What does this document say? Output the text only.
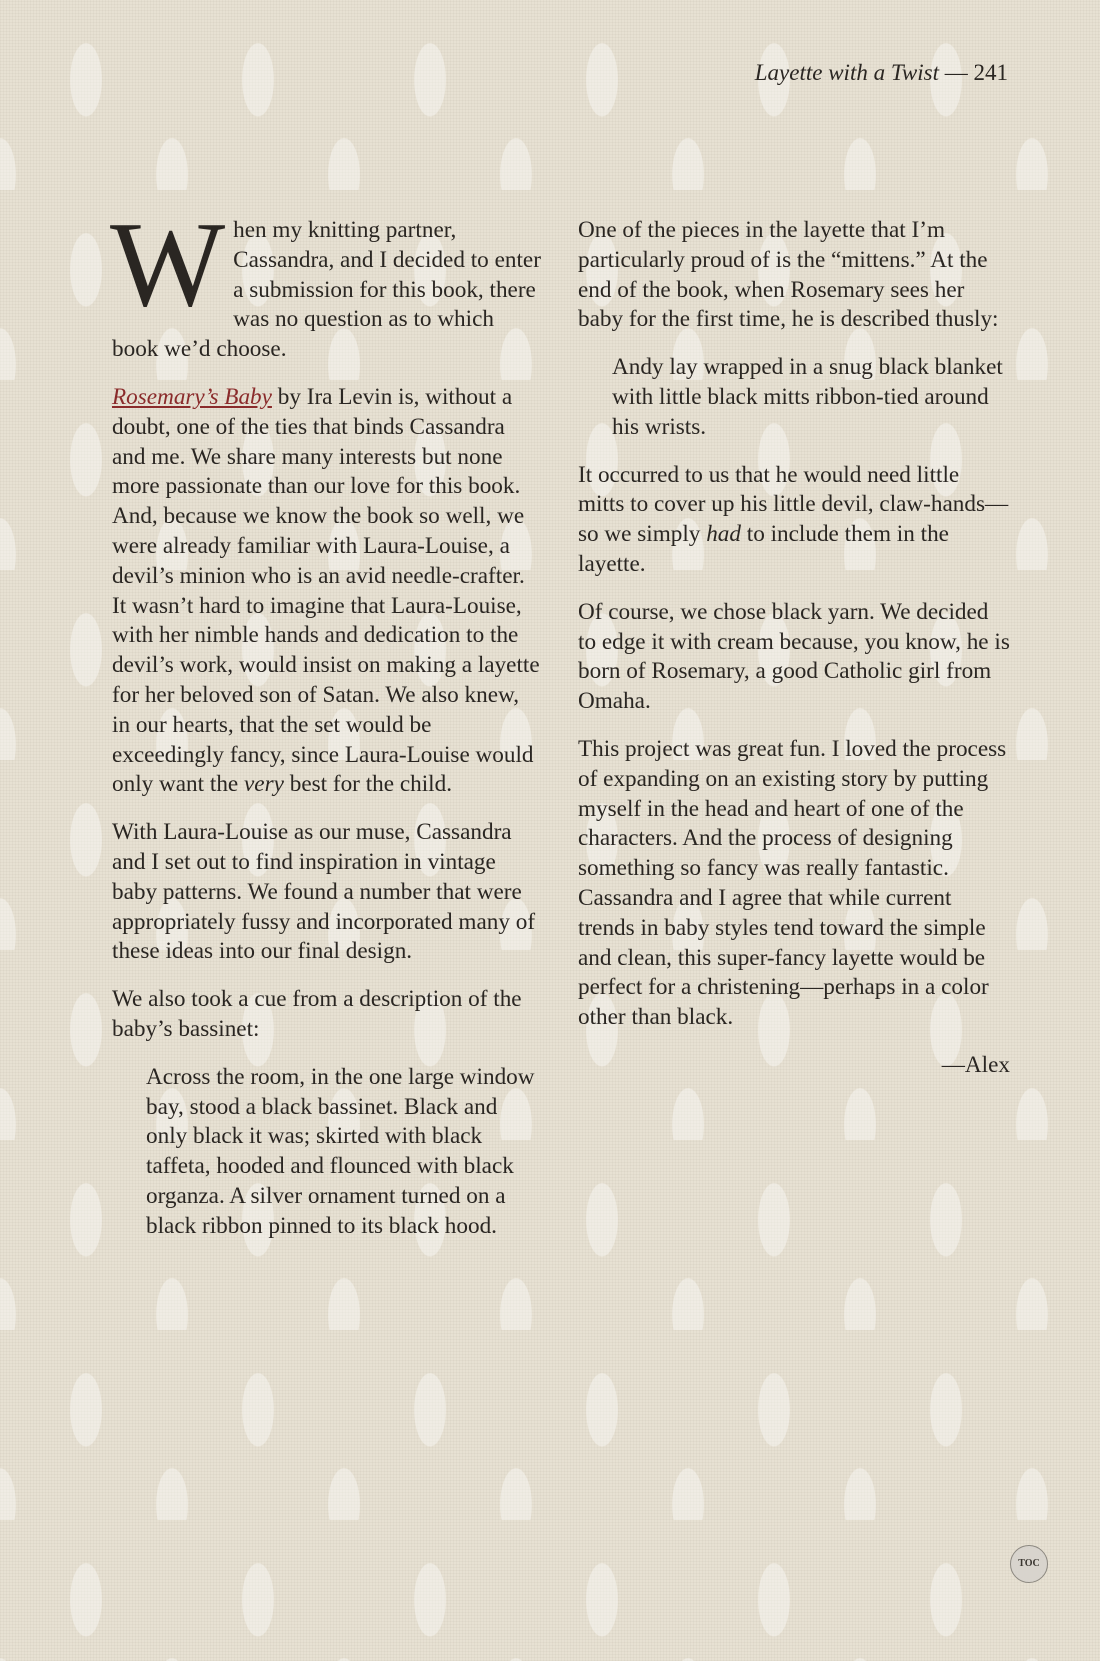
Layette with a Twist — 241

When my knitting partner, Cassandra, and I decided to enter a submission for this book, there was no question as to which book we’d choose.

Rosemary’s Baby by Ira Levin is, without a doubt, one of the ties that binds Cassandra and me. We share many interests but none more passionate than our love for this book. And, because we know the book so well, we were already familiar with Laura-Louise, a devil’s minion who is an avid needle-crafter. It wasn’t hard to imagine that Laura-Louise, with her nimble hands and dedication to the devil’s work, would insist on making a layette for her beloved son of Satan. We also knew, in our hearts, that the set would be exceedingly fancy, since Laura-Louise would only want the very best for the child.

With Laura-Louise as our muse, Cassandra and I set out to find inspiration in vintage baby patterns. We found a number that were appropriately fussy and incorporated many of these ideas into our final design.

We also took a cue from a description of the baby’s bassinet:

Across the room, in the one large window bay, stood a black bassinet. Black and only black it was; skirted with black taffeta, hooded and flounced with black organza. A silver ornament turned on a black ribbon pinned to its black hood.

One of the pieces in the layette that I’m particularly proud of is the “mittens.” At the end of the book, when Rosemary sees her baby for the first time, he is described thusly:

Andy lay wrapped in a snug black blanket with little black mitts ribbon-tied around his wrists.

It occurred to us that he would need little mitts to cover up his little devil, claw-hands—so we simply had to include them in the layette.

Of course, we chose black yarn. We decided to edge it with cream because, you know, he is born of Rosemary, a good Catholic girl from Omaha.

This project was great fun. I loved the process of expanding on an existing story by putting myself in the head and heart of one of the characters. And the process of designing something so fancy was really fantastic. Cassandra and I agree that while current trends in baby styles tend toward the simple and clean, this super-fancy layette would be perfect for a christening—perhaps in a color other than black.

—Alex

TOC
